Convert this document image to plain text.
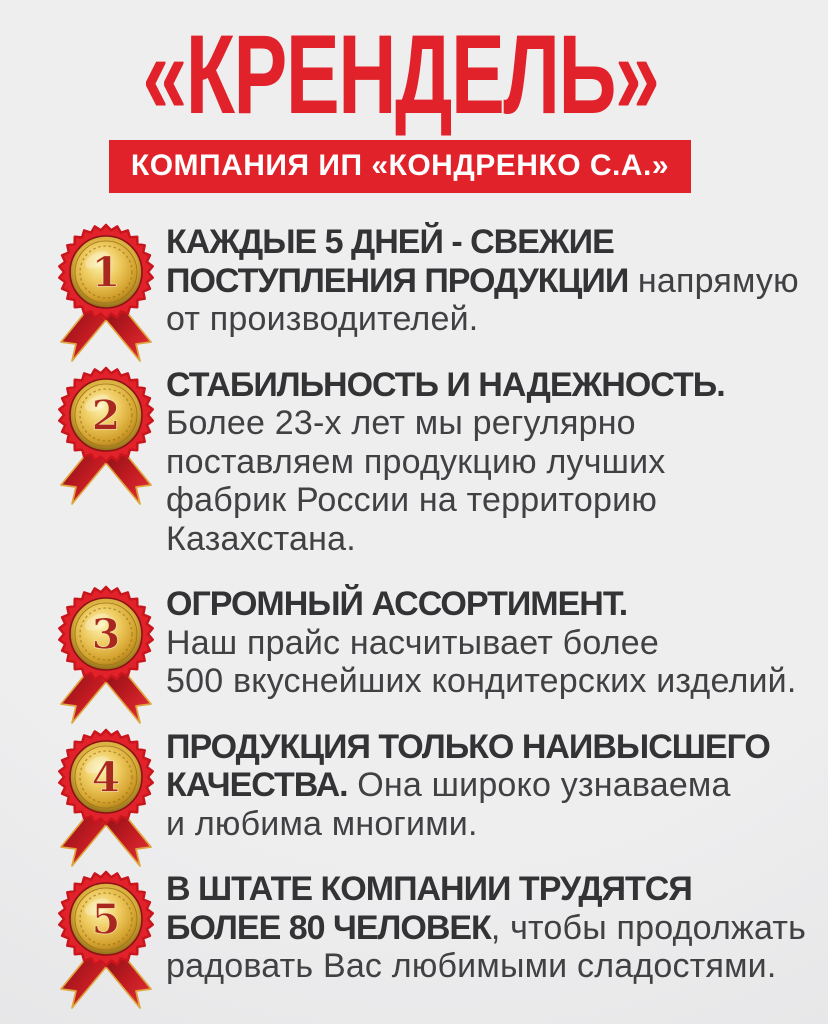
«КРЕНДЕЛЬ»
КОМПАНИЯ ИП «КОНДРЕНКО С.А.»
1
КАЖДЫЕ 5 ДНЕЙ - СВЕЖИЕ
ПОСТУПЛЕНИЯ ПРОДУКЦИИ напрямую
от производителей.
2
СТАБИЛЬНОСТЬ И НАДЕЖНОСТЬ.
Более 23-х лет мы регулярно
поставляем продукцию лучших
фабрик России на территорию
Казахстана.
3
ОГРОМНЫЙ АССОРТИМЕНТ.
Наш прайс насчитывает более
500 вкуснейших кондитерских изделий.
4
ПРОДУКЦИЯ ТОЛЬКО НАИВЫСШЕГО
КАЧЕСТВА. Она широко узнаваема
и любима многими.
5
В ШТАТЕ КОМПАНИИ ТРУДЯТСЯ
БОЛЕЕ 80 ЧЕЛОВЕК, чтобы продолжать
радовать Вас любимыми сладостями.
